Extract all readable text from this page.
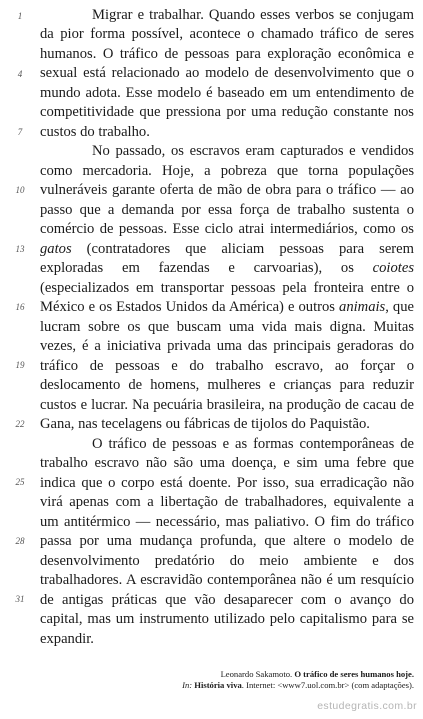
1
4
7
10
13
16
19
22
25
28
31
Migrar e trabalhar. Quando esses verbos se conjugam
da pior forma possível, acontece o chamado tráfico de seres
humanos. O tráfico de pessoas para exploração econômica e
sexual está relacionado ao modelo de desenvolvimento que o
mundo adota. Esse modelo é baseado em um entendimento de
competitividade que pressiona por uma redução constante nos
custos do trabalho.
No passado, os escravos eram capturados e vendidos
como mercadoria. Hoje, a pobreza que torna populações
vulneráveis garante oferta de mão de obra para o tráfico — ao
passo que a demanda por essa força de trabalho sustenta o
comércio de pessoas. Esse ciclo atrai intermediários, como os
gatos (contratadores que aliciam pessoas para serem
exploradas em fazendas e carvoarias), os coiotes
(especializados em transportar pessoas pela fronteira entre o
México e os Estados Unidos da América) e outros animais, que
lucram sobre os que buscam uma vida mais digna. Muitas
vezes, é a iniciativa privada uma das principais geradoras do
tráfico de pessoas e do trabalho escravo, ao forçar o
deslocamento de homens, mulheres e crianças para reduzir
custos e lucrar. Na pecuária brasileira, na produção de cacau de
Gana, nas tecelagens ou fábricas de tijolos do Paquistão.
O tráfico de pessoas e as formas contemporâneas de
trabalho escravo não são uma doença, e sim uma febre que
indica que o corpo está doente. Por isso, sua erradicação não
virá apenas com a libertação de trabalhadores, equivalente a
um antitérmico — necessário, mas paliativo. O fim do tráfico
passa por uma mudança profunda, que altere o modelo de
desenvolvimento predatório do meio ambiente e dos
trabalhadores. A escravidão contemporânea não é um resquício
de antigas práticas que vão desaparecer com o avanço do
capital, mas um instrumento utilizado pelo capitalismo para se
expandir.
Leonardo Sakamoto. O tráfico de seres humanos hoje.
In: História viva. Internet: <www7.uol.com.br> (com adaptações).
estudegratis.com.br
